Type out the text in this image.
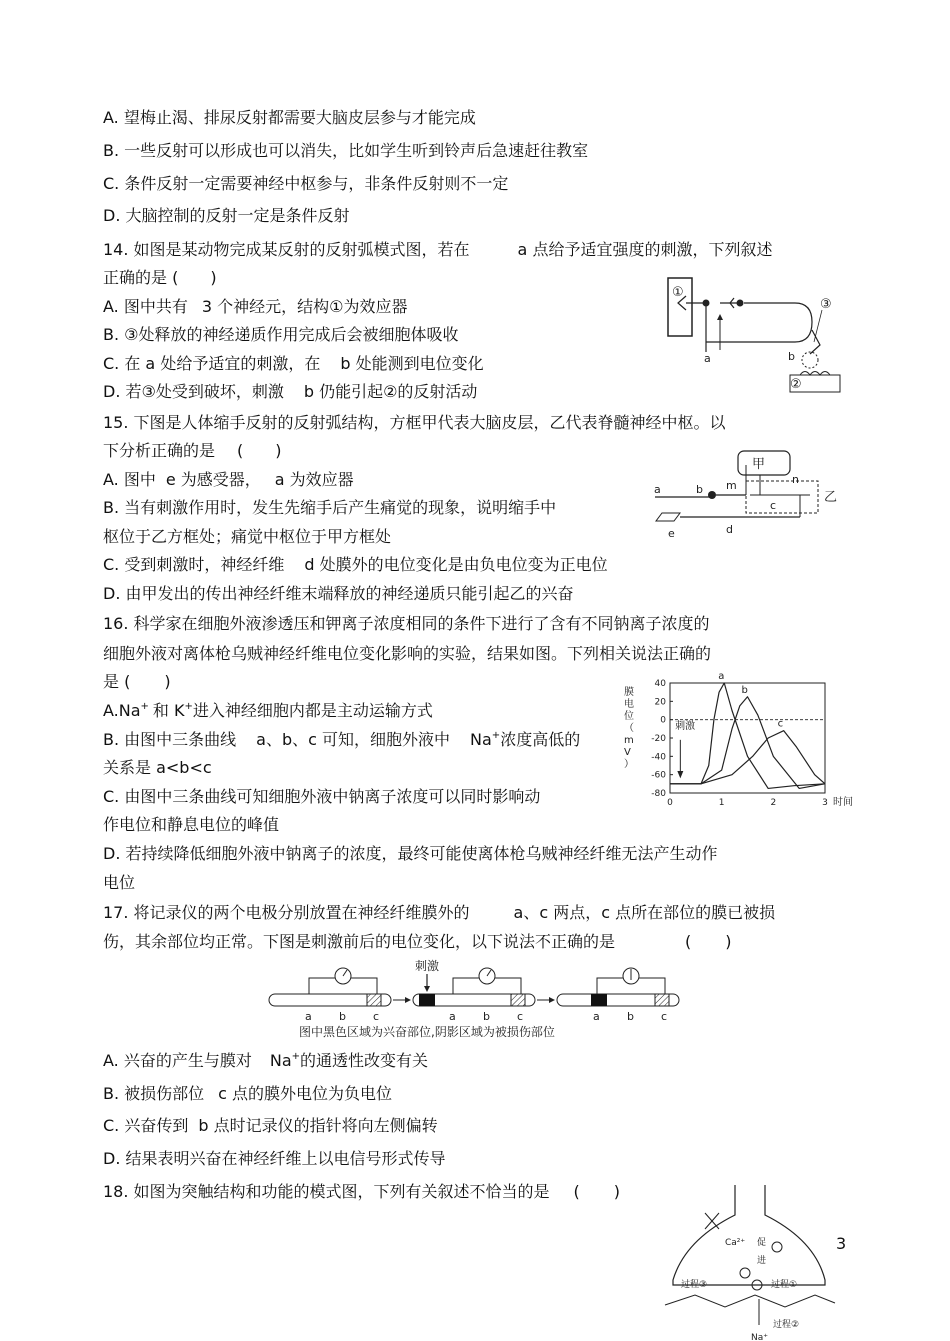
A. 望梅止渴、排尿反射都需要大脑皮层参与才能完成
B. 一些反射可以形成也可以消失，比如学生听到铃声后急速赶往教室
C. 条件反射一定需要神经中枢参与，非条件反射则不一定
D. 大脑控制的反射一定是条件反射
14. 如图是某动物完成某反射的反射弧模式图，若在	a 点给予适宜强度的刺激，下列叙述
正确的是 ( )
A. 图中共有 3 个神经元，结构①为效应器
B. ③处释放的神经递质作用完成后会被细胞体吸收
C. 在 a 处给予适宜的刺激，在 b 处能测到电位变化
D. 若③处受到破坏，刺激 b 仍能引起②的反射活动
①
a
③
b
②
15. 下图是人体缩手反射的反射弧结构，方框甲代表大脑皮层，乙代表脊髓神经中枢。以
下分析正确的是 ( )
A. 图中 e 为感受器， a 为效应器
B. 当有刺激作用时，发生先缩手后产生痛觉的现象，说明缩手中
枢位于乙方框处；痛觉中枢位于甲方框处
C. 受到刺激时，神经纤维 d 处膜外的电位变化是由负电位变为正电位
D. 由甲发出的传出神经纤维末端释放的神经递质只能引起乙的兴奋
甲
乙
a	b m	n
c
d
e
16. 科学家在细胞外液渗透压和钾离子浓度相同的条件下进行了含有不同钠离子浓度的
细胞外液对离体枪乌贼神经纤维电位变化影响的实验，结果如图。下列相关说法正确的
是 ( )
A.Na+ 和 K+进入神经细胞内都是主动运输方式
B. 由图中三条曲线 a、b、c 可知，细胞外液中 Na+浓度高低的
关系是 a<b<c
C. 由图中三条曲线可知细胞外液中钠离子浓度可以同时影响动
作电位和静息电位的峰值
D. 若持续降低细胞外液中钠离子的浓度，最终可能使离体枪乌贼神经纤维无法产生动作
电位
膜
电
位
（
m
V
）
40
20
0
-20
-40
-60
-80
0	1	2	3
a
b
c
刺激
时间
17. 将记录仪的两个电极分别放置在神经纤维膜外的	a、c 两点，c 点所在部位的膜已被损
伤，其余部位均正常。下图是刺激前后的电位变化，以下说法不正确的是	( )
刺激
a b c	a b c	a b c
图中黑色区域为兴奋部位,阴影区域为被损伤部位
A. 兴奋的产生与膜对 Na+的通透性改变有关
B. 被损伤部位 c 点的膜外电位为负电位
C. 兴奋传到 b 点时记录仪的指针将向左侧偏转
D. 结果表明兴奋在神经纤维上以电信号形式传导
18. 如图为突触结构和功能的模式图，下列有关叙述不恰当的是 ( )
Ca²⁺ 促
进
过程①
过程③
过程②
Na⁺
3
